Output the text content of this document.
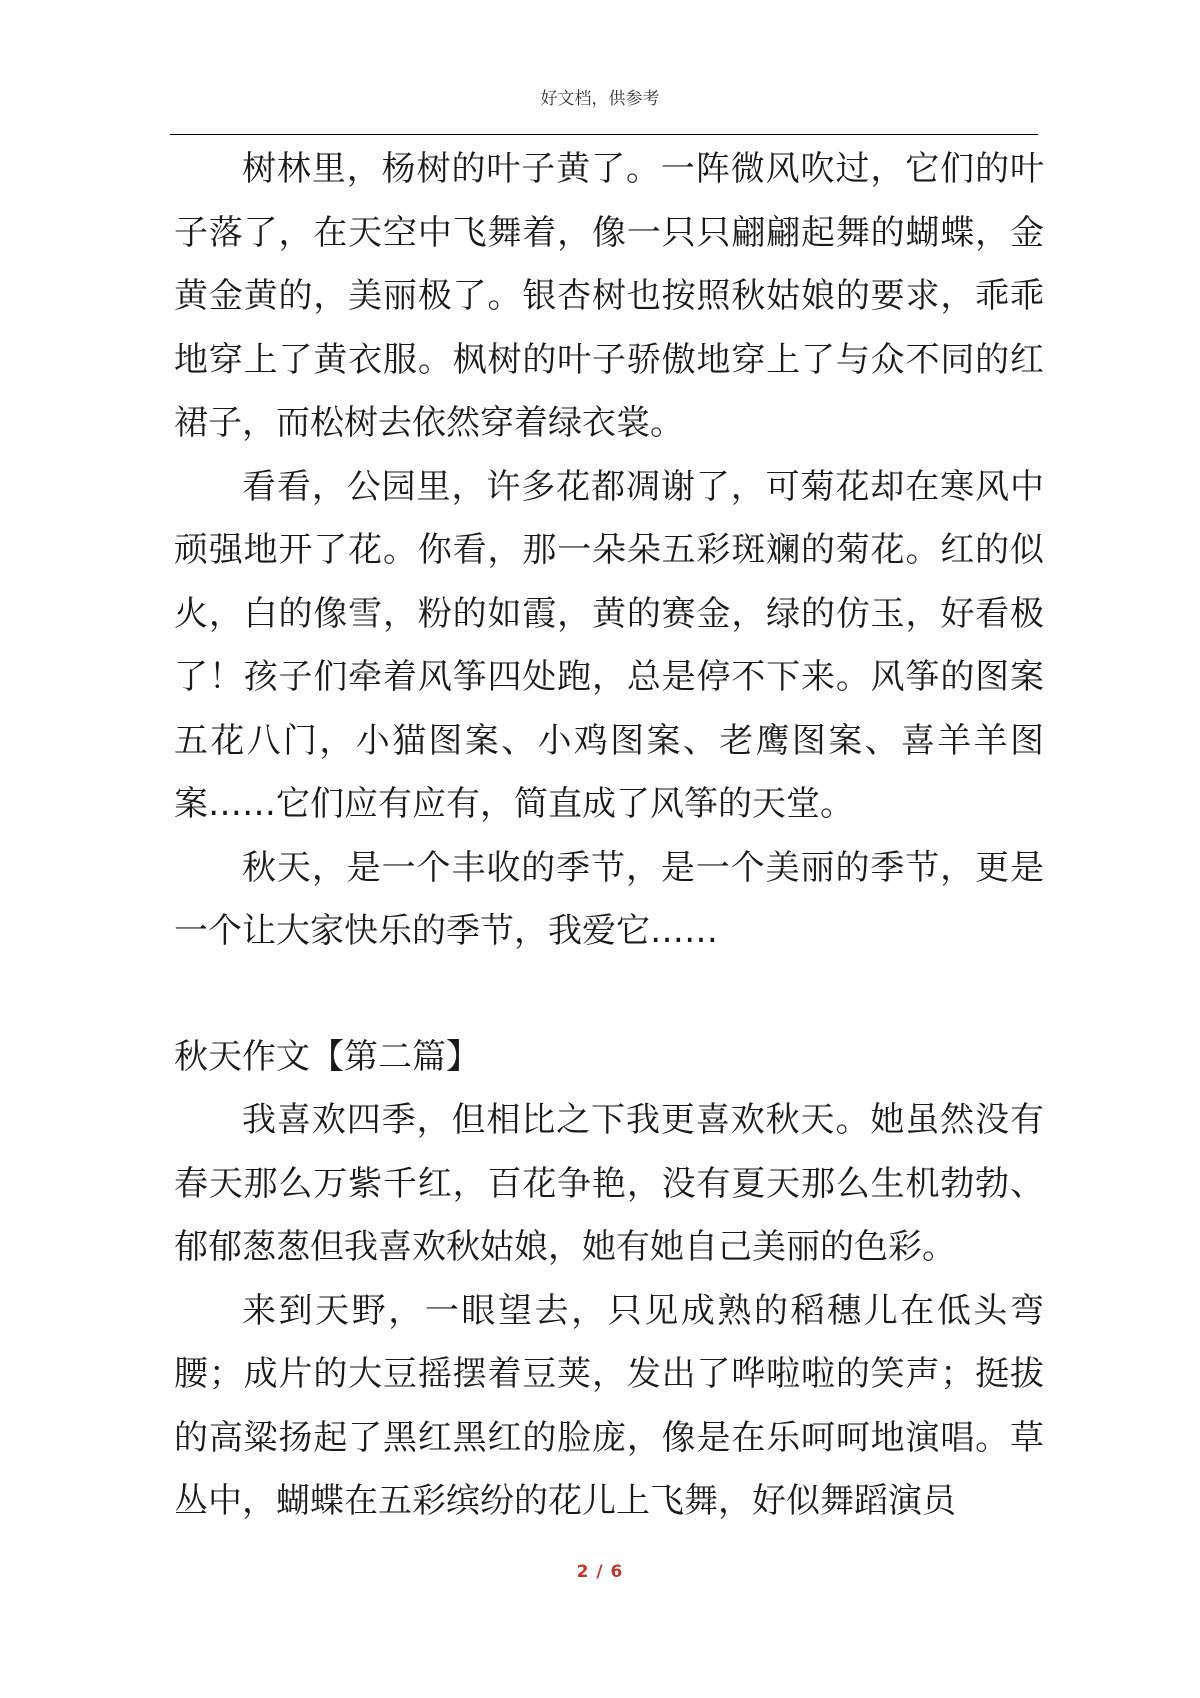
好文档，供参考

树林里，杨树的叶子黄了。一阵微风吹过，它们的叶子落了，在天空中飞舞着，像一只只翩翩起舞的蝴蝶，金黄金黄的，美丽极了。银杏树也按照秋姑娘的要求，乖乖地穿上了黄衣服。枫树的叶子骄傲地穿上了与众不同的红裙子，而松树去依然穿着绿衣裳。

看看，公园里，许多花都凋谢了，可菊花却在寒风中顽强地开了花。你看，那一朵朵五彩斑斓的菊花。红的似火，白的像雪，粉的如霞，黄的赛金，绿的仿玉，好看极了！孩子们牵着风筝四处跑，总是停不下来。风筝的图案五花八门，小猫图案、小鸡图案、老鹰图案、喜羊羊图案……它们应有应有，简直成了风筝的天堂。

秋天，是一个丰收的季节，是一个美丽的季节，更是一个让大家快乐的季节，我爱它……

秋天作文【第二篇】

我喜欢四季，但相比之下我更喜欢秋天。她虽然没有春天那么万紫千红，百花争艳，没有夏天那么生机勃勃、郁郁葱葱但我喜欢秋姑娘，她有她自己美丽的色彩。

来到天野，一眼望去，只见成熟的稻穗儿在低头弯腰；成片的大豆摇摆着豆荚，发出了哗啦啦的笑声；挺拔的高粱扬起了黑红黑红的脸庞，像是在乐呵呵地演唱。草丛中，蝴蝶在五彩缤纷的花儿上飞舞，好似舞蹈演员

2 / 6
